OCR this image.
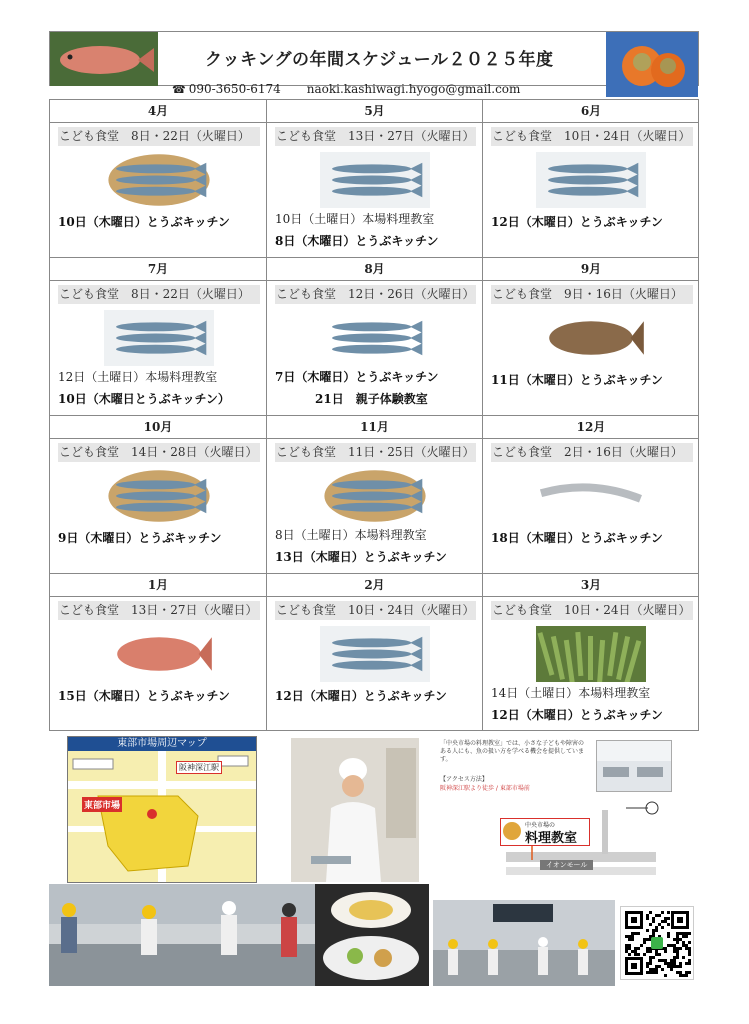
クッキングの年間スケジュール２０２５年度
☎ 090-3650-6174 naoki.kashiwagi.hyogo@gmail.com
4月
こども食堂　8日・22日（火曜日）
10日（木曜日）とうぶキッチン
5月
こども食堂　13日・27日（火曜日）
10日（土曜日）本場料理教室
8日（木曜日）とうぶキッチン
6月
こども食堂　10日・24日（火曜日）
12日（木曜日）とうぶキッチン
7月
こども食堂　8日・22日（火曜日）
12日（土曜日）本場料理教室
10日（木曜日とうぶキッチン）
8月
こども食堂　12日・26日（火曜日）
7日（木曜日）とうぶキッチン
21日　親子体験教室
9月
こども食堂　9日・16日（火曜日）
11日（木曜日）とうぶキッチン
10月
こども食堂　14日・28日（火曜日）
9日（木曜日）とうぶキッチン
11月
こども食堂　11日・25日（火曜日）
8日（土曜日）本場料理教室
13日（木曜日）とうぶキッチン
12月
こども食堂　2日・16日（火曜日）
18日（木曜日）とうぶキッチン
1月
こども食堂　13日・27日（火曜日）
15日（木曜日）とうぶキッチン
2月
こども食堂　10日・24日（火曜日）
12日（木曜日）とうぶキッチン
3月
こども食堂　10日・24日（火曜日）
14日（土曜日）本場料理教室
12日（木曜日）とうぶキッチン
東部市場周辺マップ
東部市場
阪神深江駅
「中央市場の料理教室」では、小さな子どもや障害のある人にも、魚の扱い方を学べる機会を提供しています。
【アクセス方法】
阪神深江駅より徒歩 / 東部市場前
中央市場の
料理教室
イオンモール
